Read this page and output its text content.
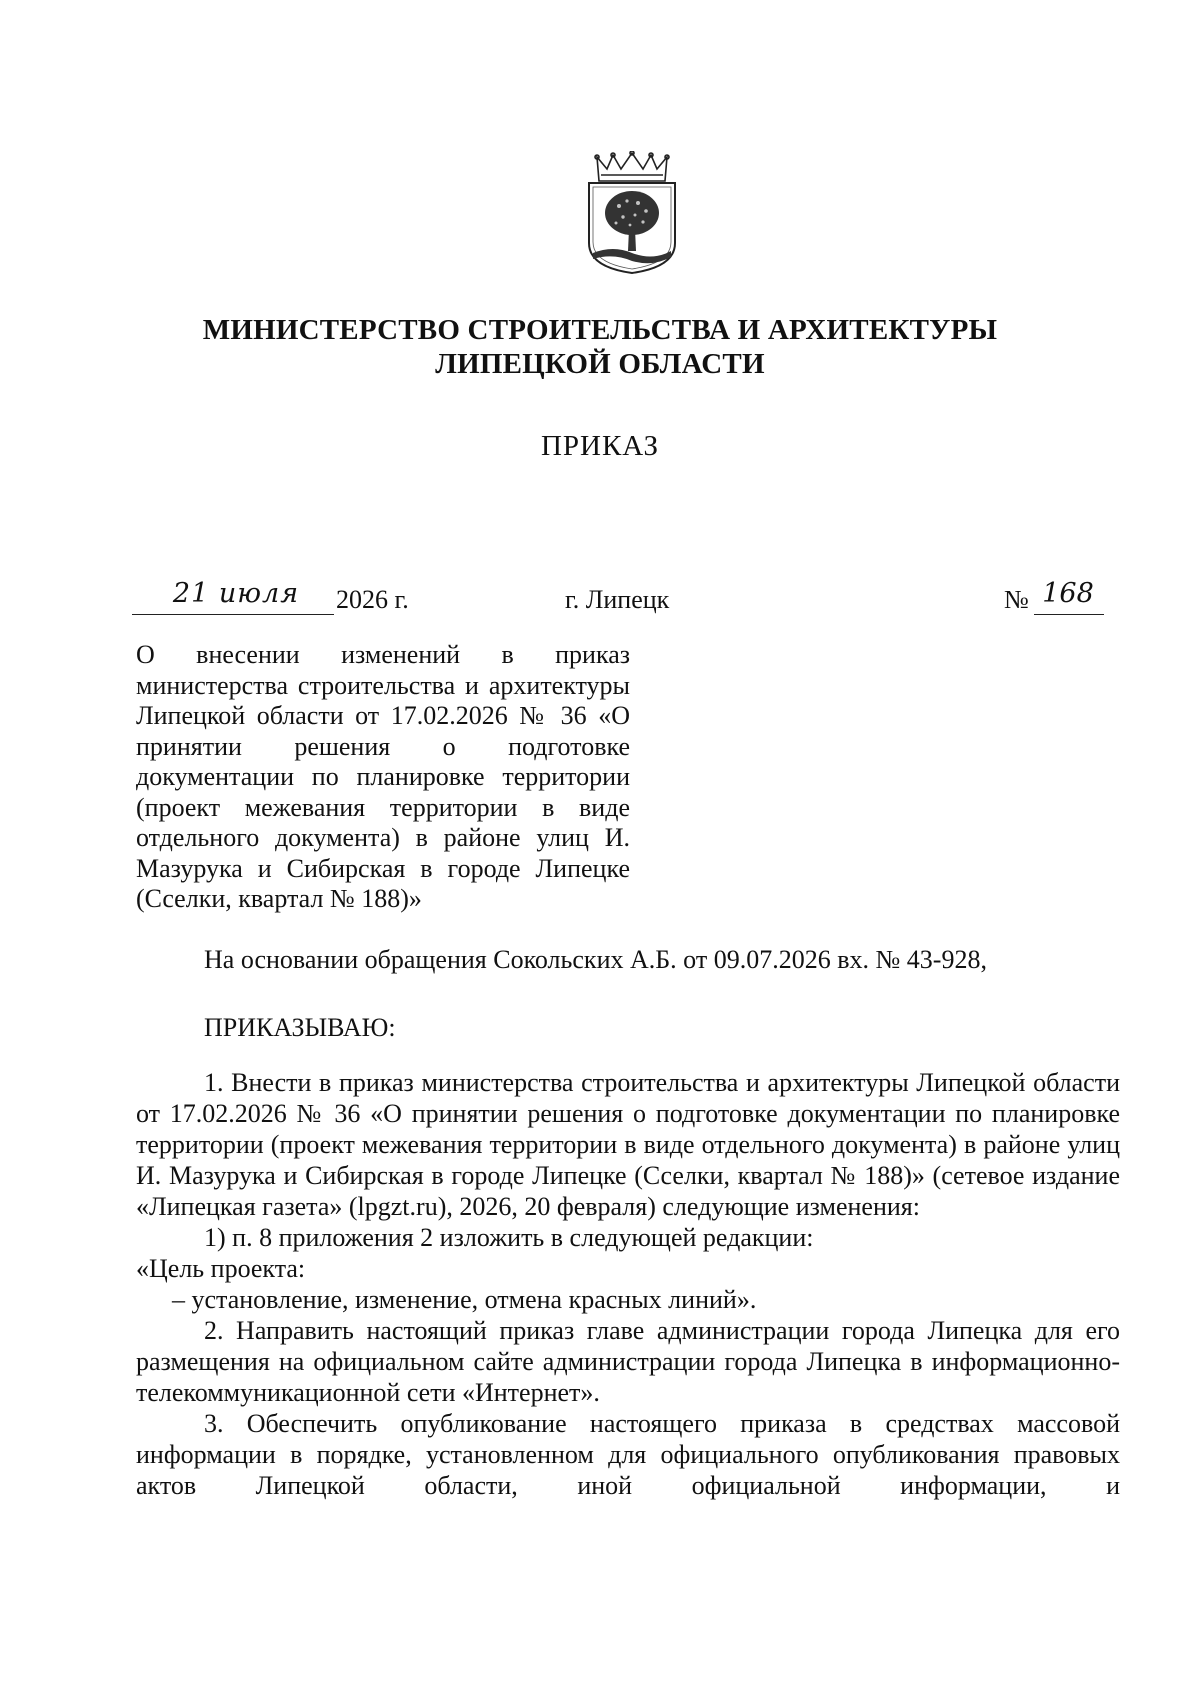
МИНИСТЕРСТВО СТРОИТЕЛЬСТВА И АРХИТЕКТУРЫ
ЛИПЕЦКОЙ ОБЛАСТИ
ПРИКАЗ
21 июля	2026 г.	г. Липецк	№ 168
О внесении изменений в приказ министерства строительства и архитектуры Липецкой области от 17.02.2026 № 36 «О принятии решения о подготовке документации по планировке территории (проект межевания территории в виде отдельного документа) в районе улиц И. Мазурука и Сибирская в городе Липецке (Сселки, квартал № 188)»
На основании обращения Сокольских А.Б. от 09.07.2026 вх. № 43-928,
ПРИКАЗЫВАЮ:

1. Внести в приказ министерства строительства и архитектуры Липецкой области от 17.02.2026 № 36 «О принятии решения о подготовке документации по планировке территории (проект межевания территории в виде отдельного документа) в районе улиц И. Мазурука и Сибирская в городе Липецке (Сселки, квартал № 188)» (сетевое издание «Липецкая газета» (lpgzt.ru), 2026, 20 февраля) следующие изменения:

1) п. 8 приложения 2 изложить в следующей редакции:

«Цель проекта:

– установление, изменение, отмена красных линий».

2. Направить настоящий приказ главе администрации города Липецка для его размещения на официальном сайте администрации города Липецка в информационно-телекоммуникационной сети «Интернет».

3. Обеспечить опубликование настоящего приказа в средствах массовой информации в порядке, установленном для официального опубликования правовых актов Липецкой области, иной официальной информации, и
